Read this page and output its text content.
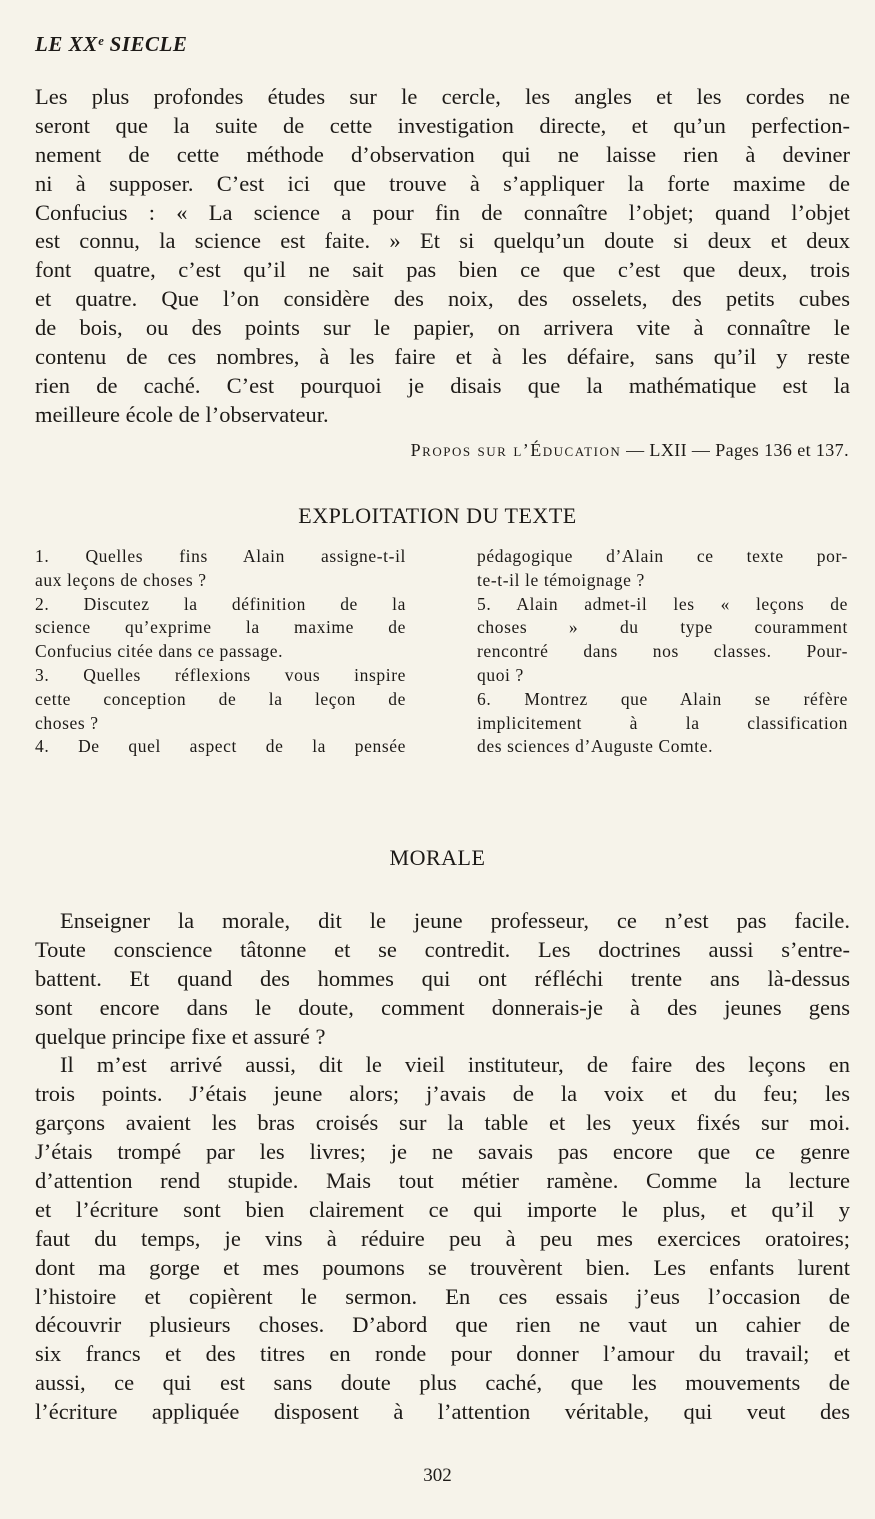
LE XXᵉ SIECLE
Les plus profondes études sur le cercle, les angles et les cordes ne
seront que la suite de cette investigation directe, et qu’un perfection-
nement de cette méthode d’observation qui ne laisse rien à deviner
ni à supposer. C’est ici que trouve à s’appliquer la forte maxime de
Confucius : « La science a pour fin de connaître l’objet; quand l’objet
est connu, la science est faite. » Et si quelqu’un doute si deux et deux
font quatre, c’est qu’il ne sait pas bien ce que c’est que deux, trois
et quatre. Que l’on considère des noix, des osselets, des petits cubes
de bois, ou des points sur le papier, on arrivera vite à connaître le
contenu de ces nombres, à les faire et à les défaire, sans qu’il y reste
rien de caché. C’est pourquoi je disais que la mathématique est la
meilleure école de l’observateur.
Propos sur l’Éducation — LXII — Pages 136 et 137.
EXPLOITATION DU TEXTE
1. Quelles fins Alain assigne-t-il
aux leçons de choses ?
2. Discutez la définition de la
science qu’exprime la maxime de
Confucius citée dans ce passage.
3. Quelles réflexions vous inspire
cette conception de la leçon de
choses ?
4. De quel aspect de la pensée
pédagogique d’Alain ce texte por-
te-t-il le témoignage ?
5. Alain admet-il les « leçons de
choses » du type couramment
rencontré dans nos classes. Pour-
quoi ?
6. Montrez que Alain se réfère
implicitement à la classification
des sciences d’Auguste Comte.
MORALE
Enseigner la morale, dit le jeune professeur, ce n’est pas facile.
Toute conscience tâtonne et se contredit. Les doctrines aussi s’entre-
battent. Et quand des hommes qui ont réfléchi trente ans là-dessus
sont encore dans le doute, comment donnerais-je à des jeunes gens
quelque principe fixe et assuré ?
Il m’est arrivé aussi, dit le vieil instituteur, de faire des leçons en
trois points. J’étais jeune alors; j’avais de la voix et du feu; les
garçons avaient les bras croisés sur la table et les yeux fixés sur moi.
J’étais trompé par les livres; je ne savais pas encore que ce genre
d’attention rend stupide. Mais tout métier ramène. Comme la lecture
et l’écriture sont bien clairement ce qui importe le plus, et qu’il y
faut du temps, je vins à réduire peu à peu mes exercices oratoires;
dont ma gorge et mes poumons se trouvèrent bien. Les enfants lurent
l’histoire et copièrent le sermon. En ces essais j’eus l’occasion de
découvrir plusieurs choses. D’abord que rien ne vaut un cahier de
six francs et des titres en ronde pour donner l’amour du travail; et
aussi, ce qui est sans doute plus caché, que les mouvements de
l’écriture appliquée disposent à l’attention véritable, qui veut des
302
